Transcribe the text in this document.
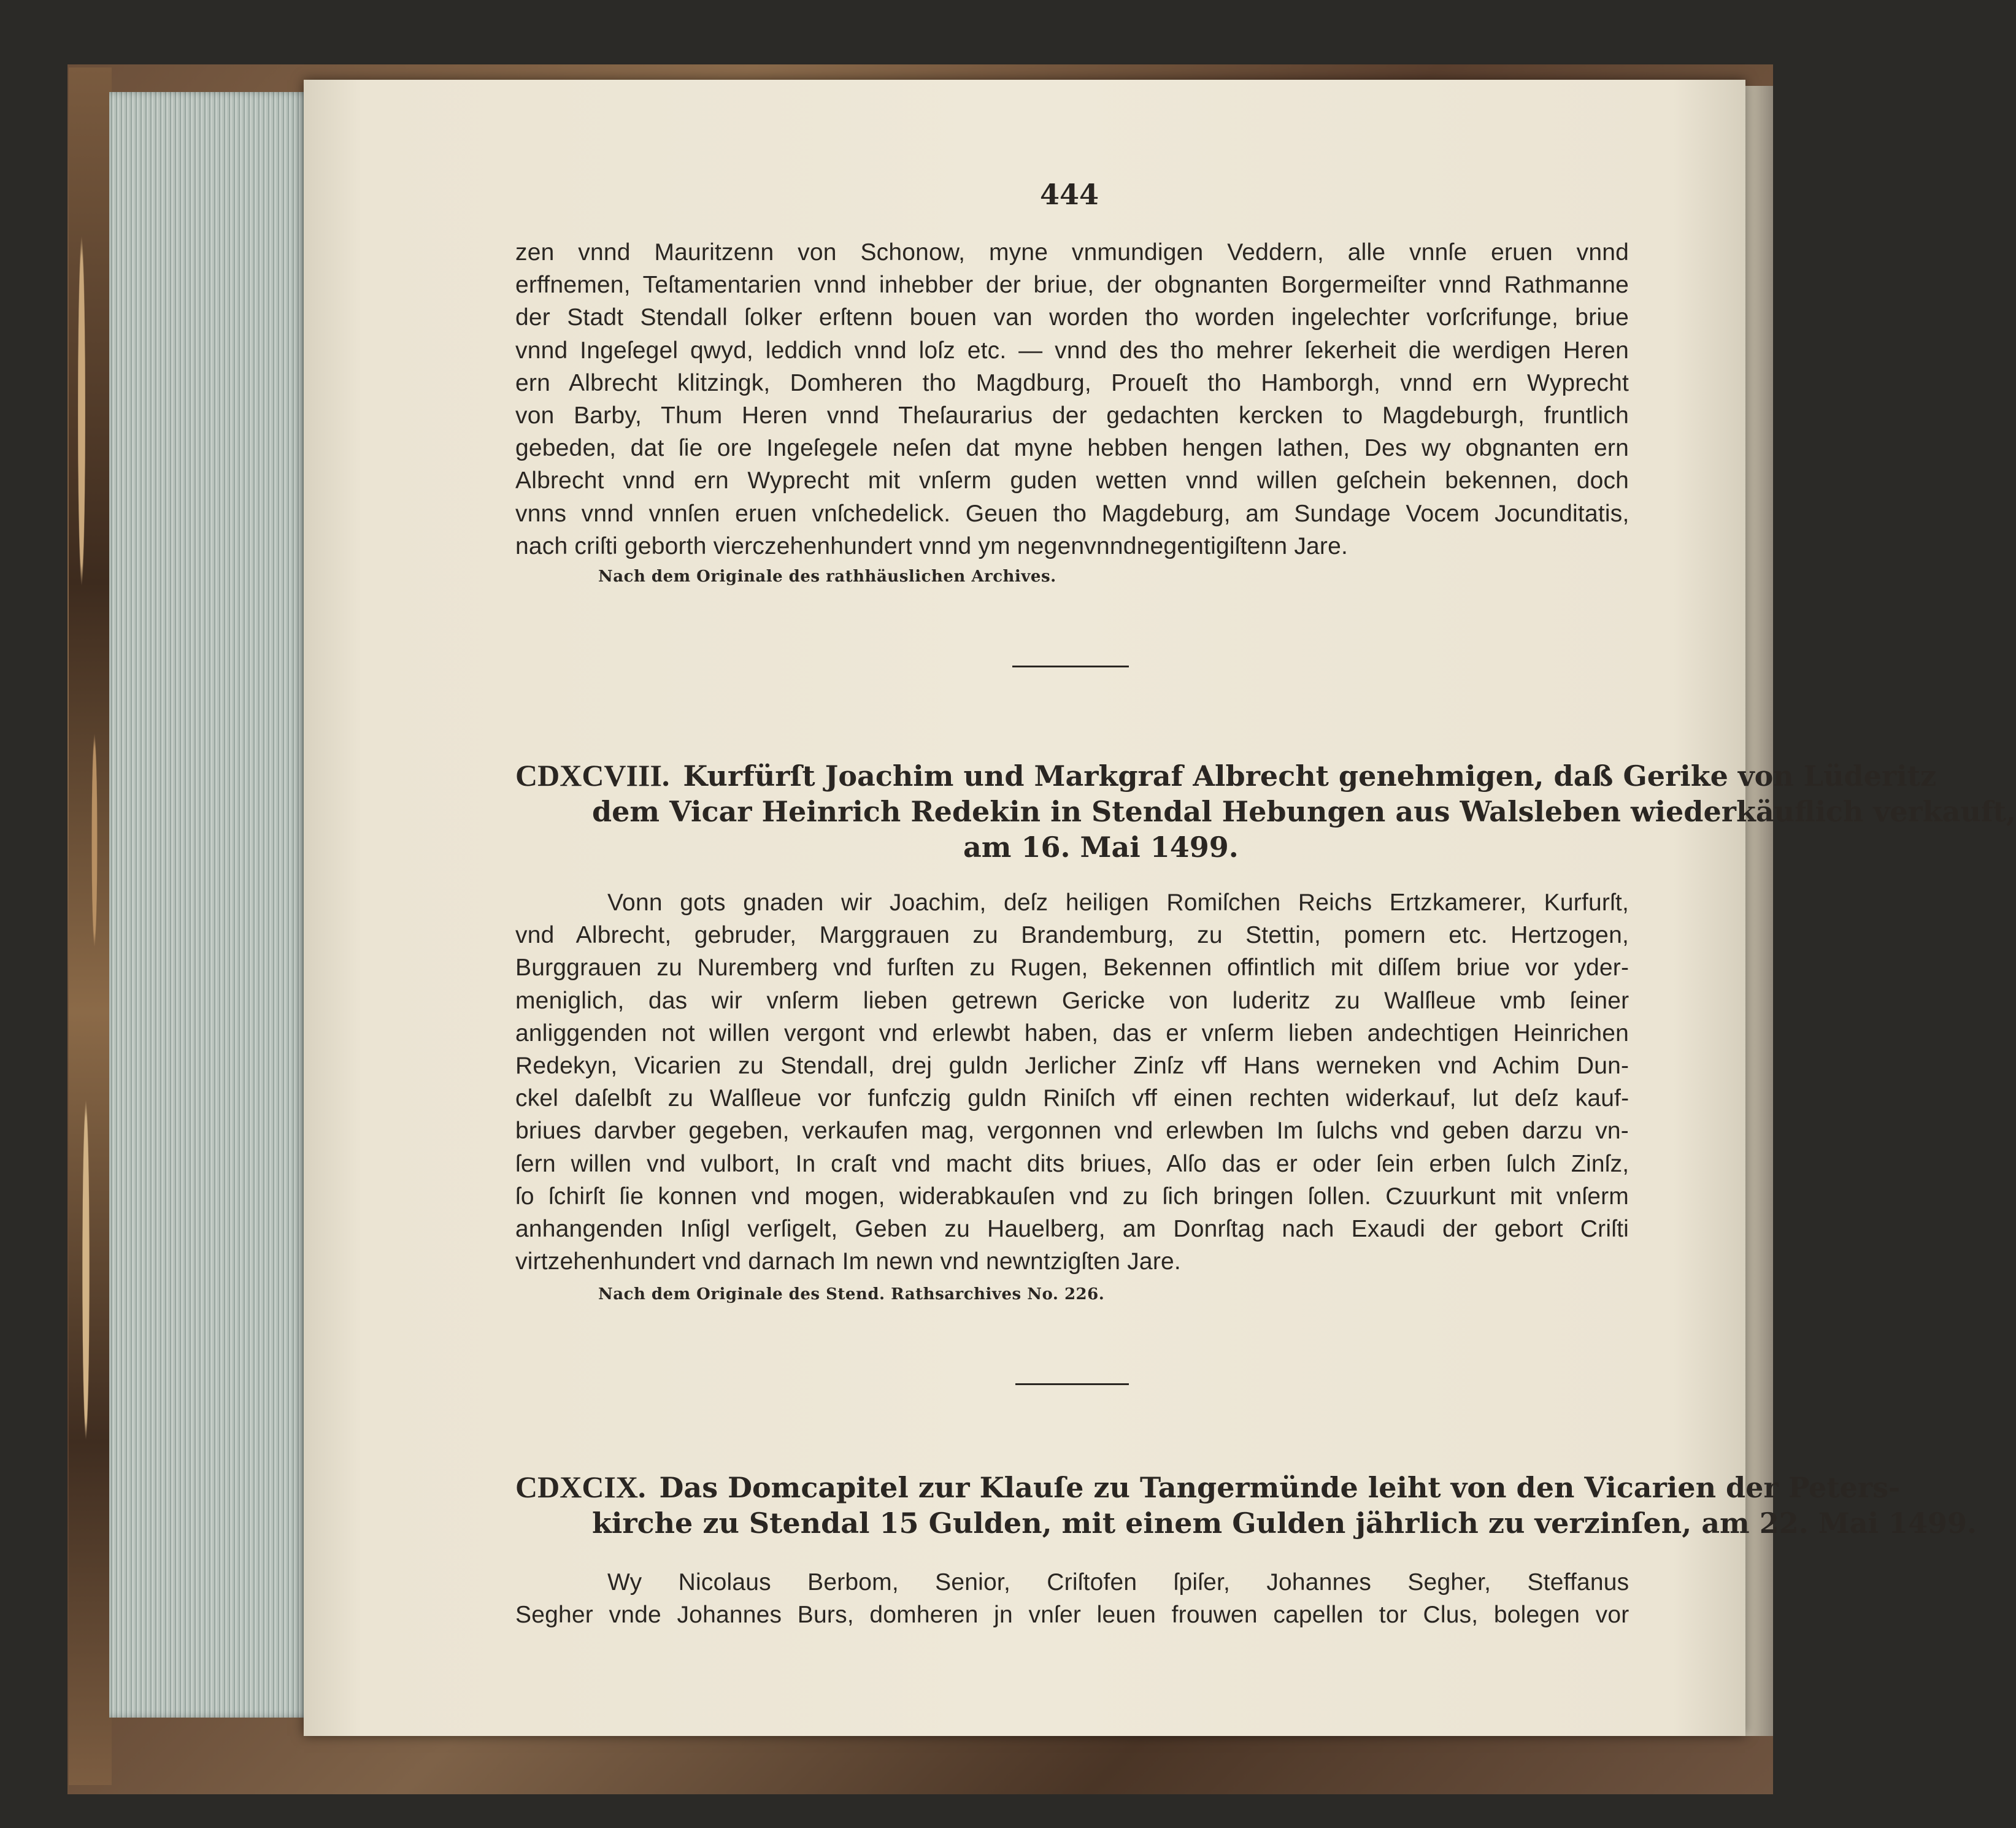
444
zen vnnd Mauritzenn von Schonow, myne vnmundigen Veddern, alle vnnſe eruen vnnd
erffnemen, Teſtamentarien vnnd inhebber der briue, der obgnanten Borgermeiſter vnnd Rathmanne
der Stadt Stendall ſolker erſtenn bouen van worden tho worden ingelechter vorſcrifunge, briue
vnnd Ingeſegel qwyd, leddich vnnd loſz etc. — vnnd des tho mehrer ſekerheit die werdigen Heren
ern Albrecht klitzingk, Domheren tho Magdburg, Proueſt tho Hamborgh, vnnd ern Wyprecht
von Barby, Thum Heren vnnd Theſaurarius der gedachten kercken to Magdeburgh, fruntlich
gebeden, dat ſie ore Ingeſegele neſen dat myne hebben hengen lathen, Des wy obgnanten ern
Albrecht vnnd ern Wyprecht mit vnſerm guden wetten vnnd willen geſchein bekennen, doch
vnns vnnd vnnſen eruen vnſchedelick. Geuen tho Magdeburg, am Sundage Vocem Jocunditatis,
nach criſti geborth vierczehenhundert vnnd ym negenvnndnegentigiſtenn Jare.
Nach dem Originale des rathhäuslichen Archives.
CDXCVIII. Kurfürſt Joachim und Markgraf Albrecht genehmigen, daß Gerike von Lüderitz
dem Vicar Heinrich Redekin in Stendal Hebungen aus Walsleben wiederkäuflich verkauft,
am 16. Mai 1499.
Vonn gots gnaden wir Joachim, deſz heiligen Romiſchen Reichs Ertzkamerer, Kurfurſt,
vnd Albrecht, gebruder, Marggrauen zu Brandemburg, zu Stettin, pomern etc. Hertzogen,
Burggrauen zu Nuremberg vnd furſten zu Rugen, Bekennen offintlich mit diſſem briue vor yder-
meniglich, das wir vnſerm lieben getrewn Gericke von luderitz zu Walſleue vmb ſeiner
anliggenden not willen vergont vnd erlewbt haben, das er vnſerm lieben andechtigen Heinrichen
Redekyn, Vicarien zu Stendall, drej guldn Jerlicher Zinſz vff Hans werneken vnd Achim Dun-
ckel daſelbſt zu Walſleue vor funfczig guldn Riniſch vff einen rechten widerkauf, lut deſz kauf-
briues darvber gegeben, verkaufen mag, vergonnen vnd erlewben Im ſulchs vnd geben darzu vn-
ſern willen vnd vulbort, In craſt vnd macht dits briues, Alſo das er oder ſein erben ſulch Zinſz,
ſo ſchirſt ſie konnen vnd mogen, widerabkauſen vnd zu ſich bringen ſollen. Czuurkunt mit vnſerm
anhangenden Inſigl verſigelt, Geben zu Hauelberg, am Donrſtag nach Exaudi der gebort Criſti
virtzehenhundert vnd darnach Im newn vnd newntzigſten Jare.
Nach dem Originale des Stend. Rathsarchives No. 226.
CDXCIX. Das Domcapitel zur Klauſe zu Tangermünde leiht von den Vicarien der Peters-
kirche zu Stendal 15 Gulden, mit einem Gulden jährlich zu verzinſen, am 22. Mai 1499.
Wy Nicolaus Berbom, Senior, Criſtofen ſpiſer, Johannes Segher, Steffanus
Segher vnde Johannes Burs, domheren jn vnſer leuen frouwen capellen tor Clus, bolegen vor
